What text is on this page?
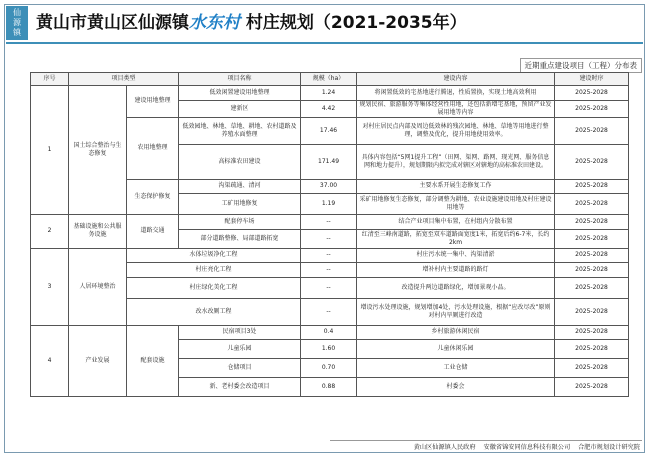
仙
源
镇 黄山市黄山区仙源镇水东村 村庄规划（2021-2035年）
近期重点建设项目（工程）分布表
序号	项目类型		项目名称	规模（ha）	建设内容	建设时序
1	国土综合整治与生态修复	建设用地整理	低效闲置建设用地整理	1.24	将闲置低效的宅基地进行腾退，性质置换，实现土地高效利用	2025-2028
			建新区	4.42	规划民宿、旅游服务等集体经营性用地，还包括新增宅基地，预留产业发展用地等内容	2025-2028
		农用地整理	低效园地、林地、草地、耕地、农村道路及养殖水面整理	17.46	对村庄居民点内部及周边低效林的残次园地、林地、草地等用地进行整理，调整及优化，提升用地使用效率。	2025-2028
			高标准农田建设	171.49	具体内容包括“5网1提升工程”（田网、渠网、路网、现光网、服务信息网和地力提升），规划期限内拟完成对辖区对辖地的高标准农田建设。	2025-2028
		生态保护修复	沟渠疏通、清河	37.00	主要水系开展生态修复工作	2025-2028
			工矿用地修复	1.19	采矿用地修复生态修复，部分调整为耕地、农业设施建设用地及村庄建设用地等	2025-2028
2	基础设施和公共服务设施	道路交通	配套停车场	--	结合产业项目集中布置，在村组内分散布置	2025-2028
			部分道路整修、局部道路拓宽	--	红清至三峰南道路，拓宽至双车道路面宽度1米，拓宽后约6-7米，长约2km	2025-2028
3	人居环境整治	水体垃圾净化工程		--	村庄污水统一集中、沟渠清淤	2025-2028
		村庄亮化工程		--	增补村内主要道路的路灯	2025-2028
		村庄绿化美化工程		--	改造提升两边道路绿化，增加景观小品。	2025-2028
		改水改厕工程		--	增设污水处理设施，规划增加4处，污水处理设施，根据“应改尽改”原则对村内旱厕进行改造	2025-2028
4	产业发展	配套设施	民宿项目3处	0.4	乡村旅游休闲民宿	2025-2028
			儿童乐园	1.60	儿童休闲乐园	2025-2028
			仓储项目	0.70	工业仓储	2025-2028
			新、老村委会改造项目	0.88	村委会	2025-2028
黄山区仙源镇人民政府 安徽省锦安同信息科技有限公司 合肥市规划设计研究院
